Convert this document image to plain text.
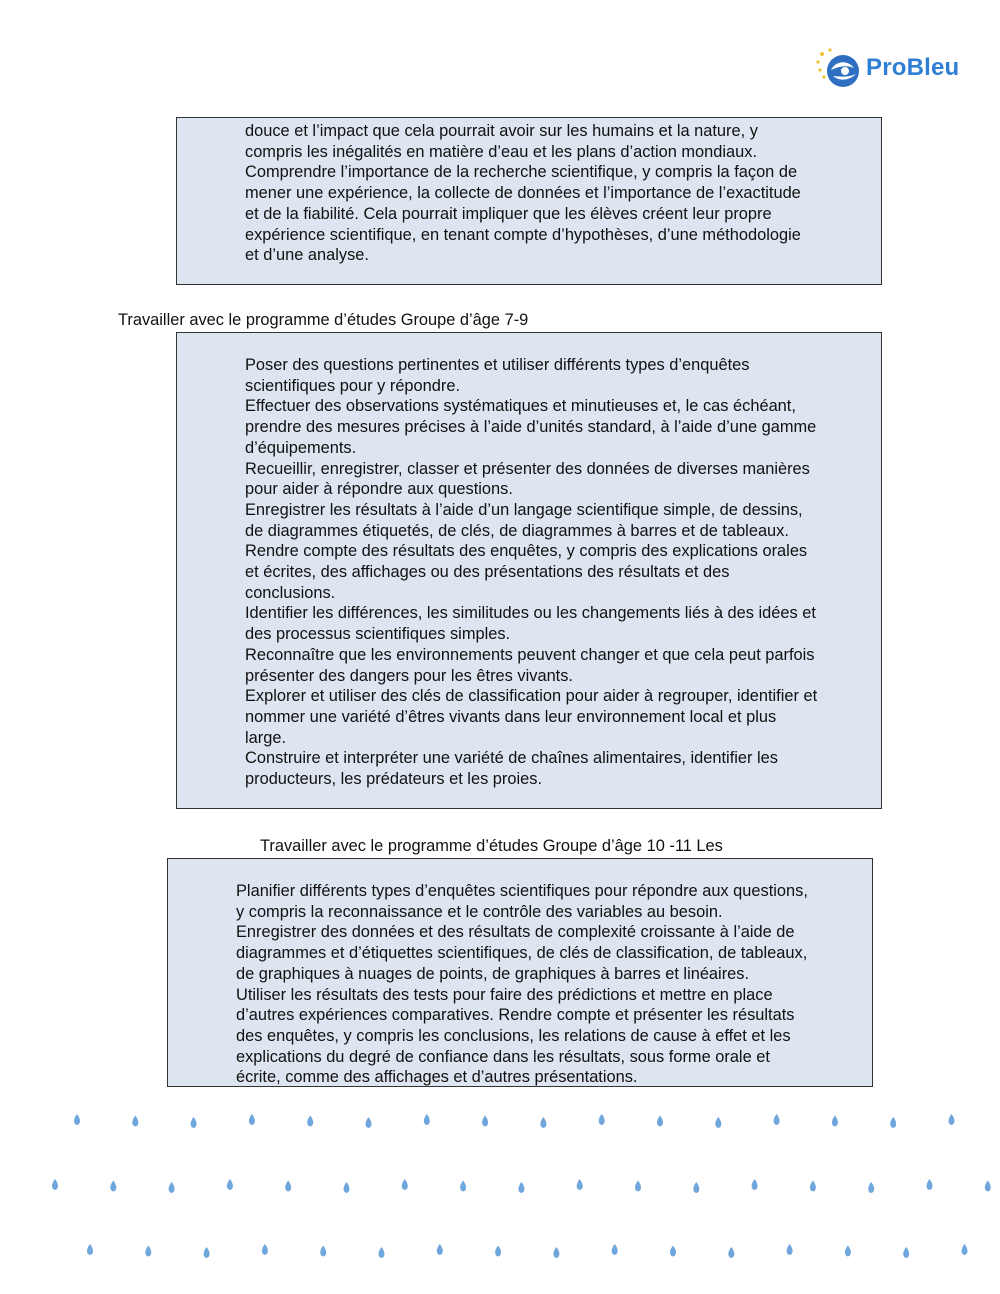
ProBleu

douce et l’impact que cela pourrait avoir sur les humains et la nature, y

compris les inégalités en matière d’eau et les plans d’action mondiaux.

Comprendre l’importance de la recherche scientifique, y compris la façon de

mener une expérience, la collecte de données et l’importance de l’exactitude

et de la fiabilité. Cela pourrait impliquer que les élèves créent leur propre

expérience scientifique, en tenant compte d’hypothèses, d’une méthodologie

et d’une analyse.

Travailler avec le programme d’études Groupe d’âge 7-9

Poser des questions pertinentes et utiliser différents types d’enquêtes

scientifiques pour y répondre.

Effectuer des observations systématiques et minutieuses et, le cas échéant,

prendre des mesures précises à l’aide d’unités standard, à l’aide d’une gamme

d’équipements.

Recueillir, enregistrer, classer et présenter des données de diverses manières

pour aider à répondre aux questions.

Enregistrer les résultats à l’aide d’un langage scientifique simple, de dessins,

de diagrammes étiquetés, de clés, de diagrammes à barres et de tableaux.

Rendre compte des résultats des enquêtes, y compris des explications orales

et écrites, des affichages ou des présentations des résultats et des

conclusions.

Identifier les différences, les similitudes ou les changements liés à des idées et

des processus scientifiques simples.

Reconnaître que les environnements peuvent changer et que cela peut parfois

présenter des dangers pour les êtres vivants.

Explorer et utiliser des clés de classification pour aider à regrouper, identifier et

nommer une variété d’êtres vivants dans leur environnement local et plus

large.

Construire et interpréter une variété de chaînes alimentaires, identifier les

producteurs, les prédateurs et les proies.

Travailler avec le programme d’études Groupe d’âge 10 -11 Les

Planifier différents types d’enquêtes scientifiques pour répondre aux questions,

y compris la reconnaissance et le contrôle des variables au besoin.

Enregistrer des données et des résultats de complexité croissante à l’aide de

diagrammes et d’étiquettes scientifiques, de clés de classification, de tableaux,

de graphiques à nuages de points, de graphiques à barres et linéaires.

Utiliser les résultats des tests pour faire des prédictions et mettre en place

d’autres expériences comparatives. Rendre compte et présenter les résultats

des enquêtes, y compris les conclusions, les relations de cause à effet et les

explications du degré de confiance dans les résultats, sous forme orale et

écrite, comme des affichages et d’autres présentations.
